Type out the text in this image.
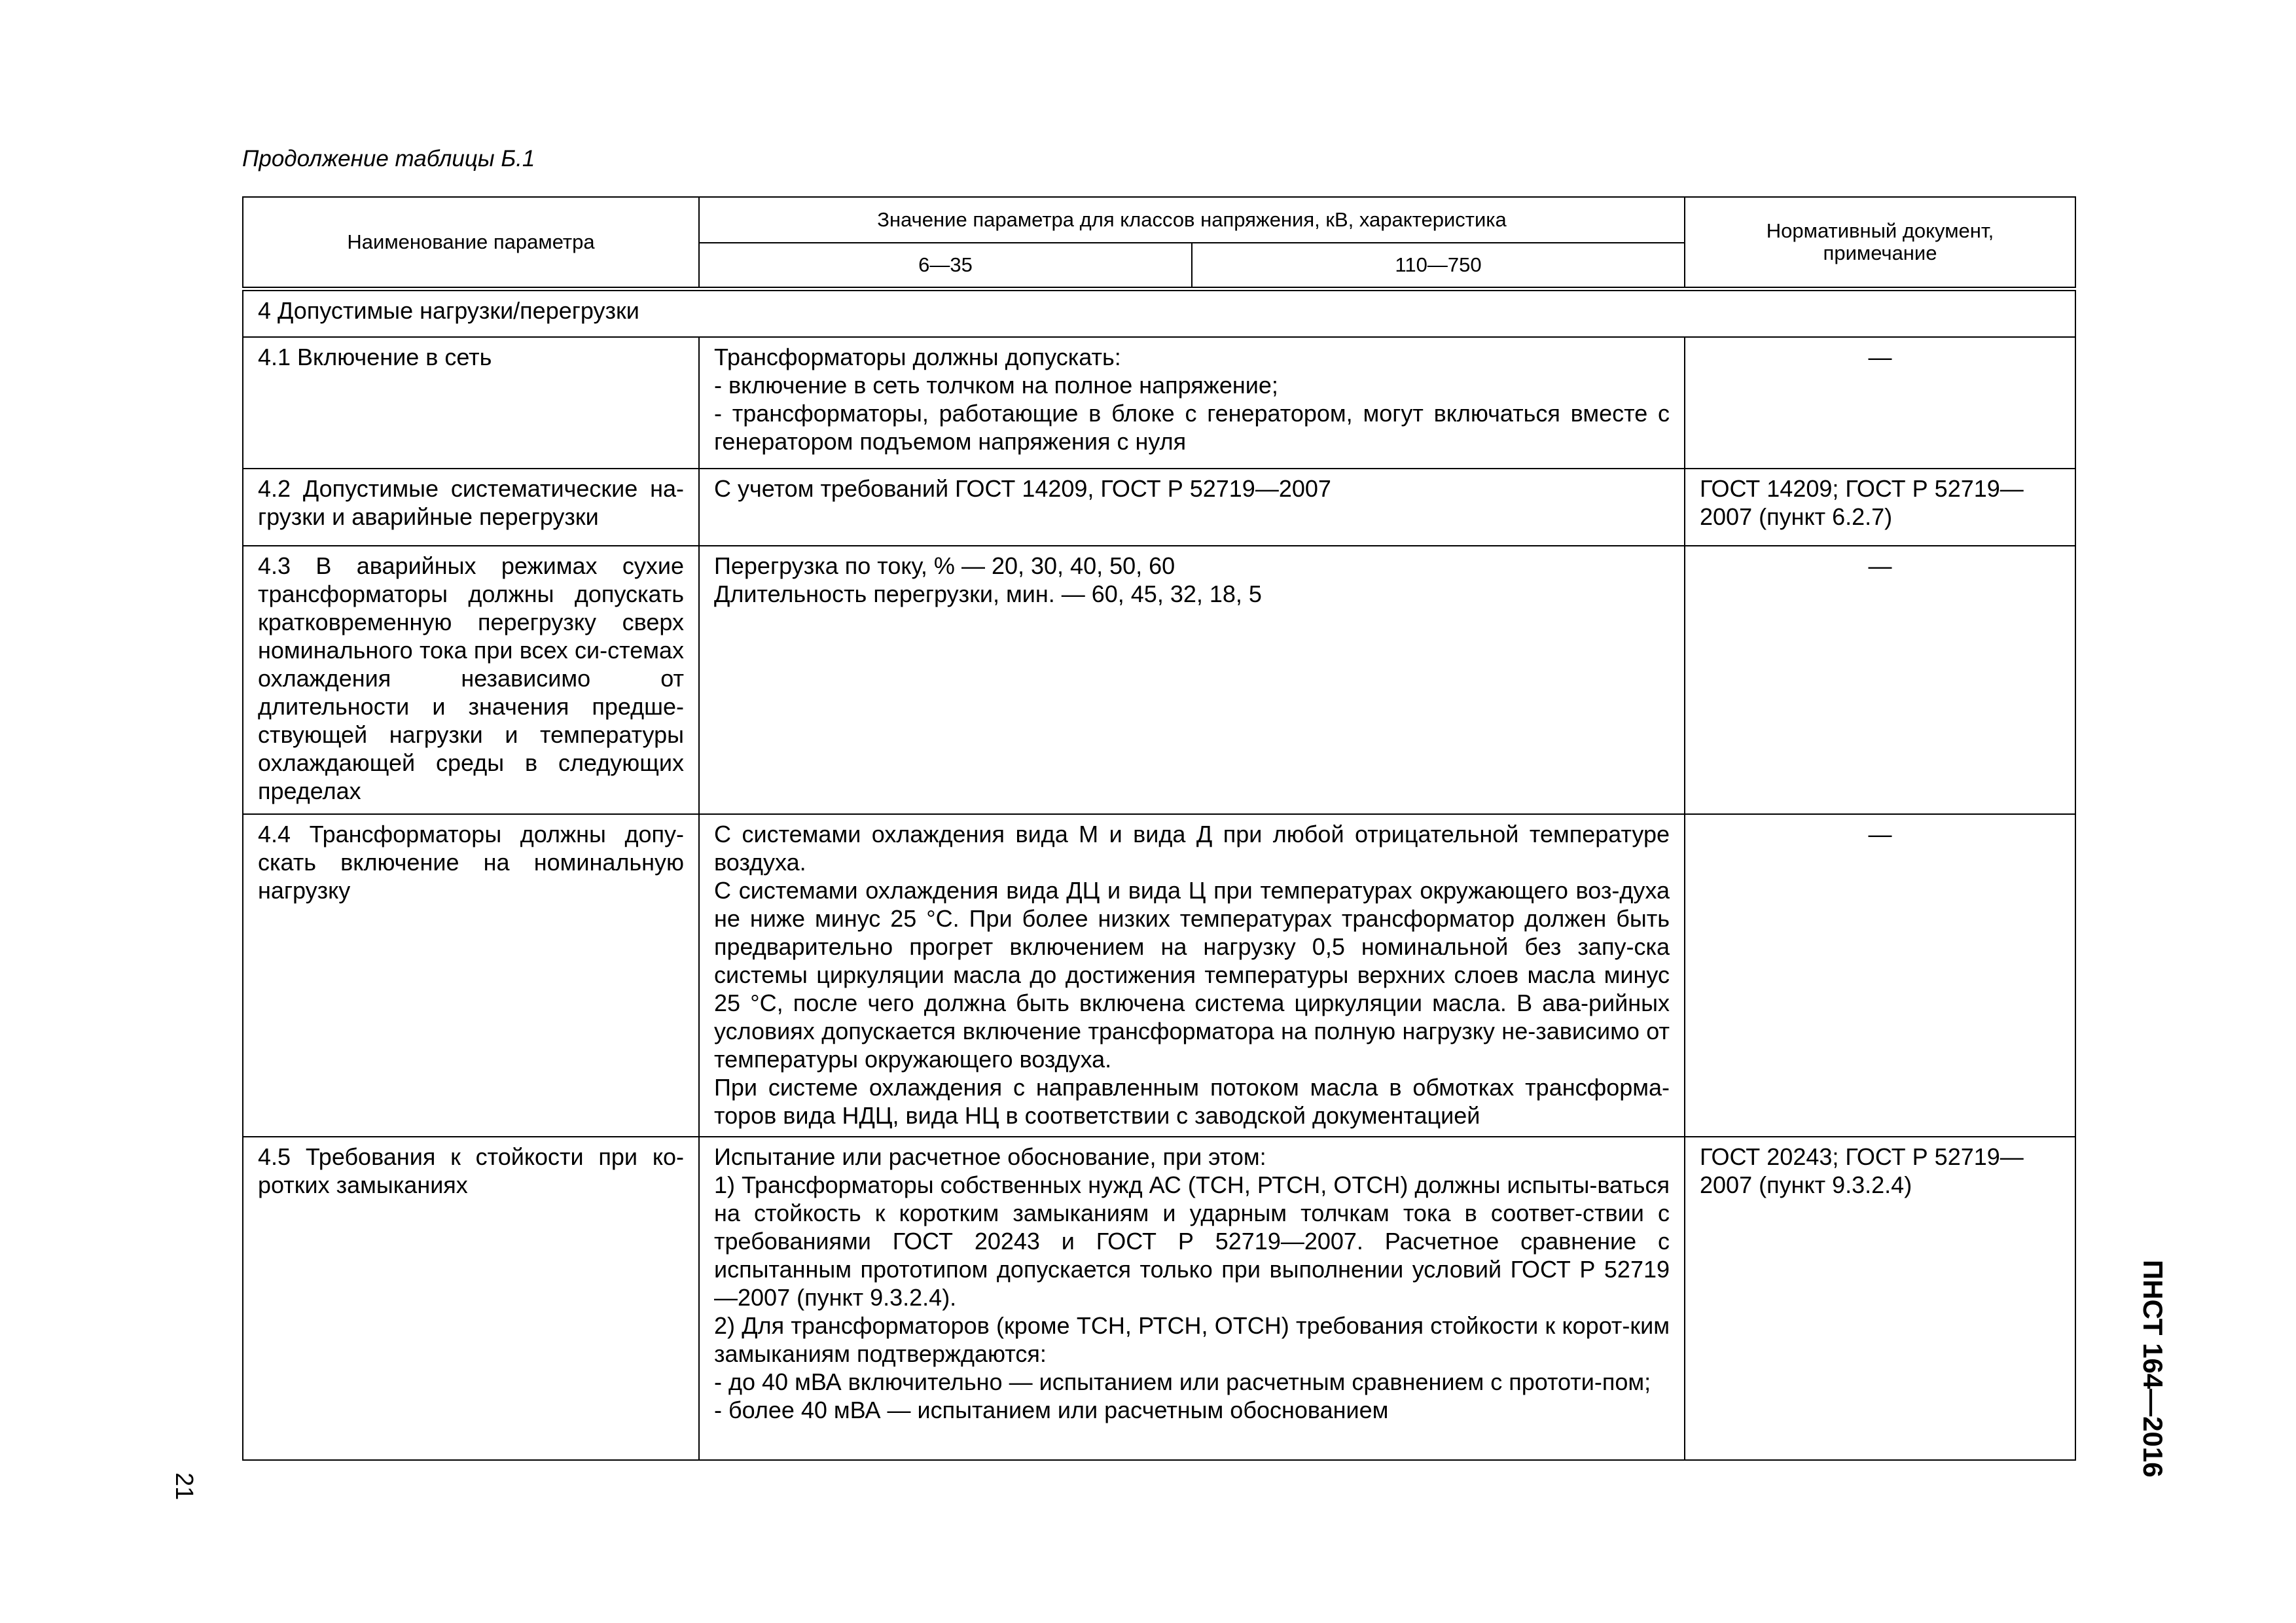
Продолжение таблицы Б.1
Наименование параметра	Значение параметра для классов напряжения, кВ, характеристика		Нормативный документ,
примечание

	6—35	110—750	
4 Допустимые нагрузки/перегрузки			
4.1 Включение в сеть	Трансформаторы должны допускать:
- включение в сеть толчком на полное напряжение;
- трансформаторы, работающие в блоке с генератором, могут включаться вместе с генератором подъемом напряжения с нуля		—
4.2 Допустимые систематические на-грузки и аварийные перегрузки	С учетом требований ГОСТ 14209, ГОСТ Р 52719—2007		ГОСТ 14209; ГОСТ Р 52719—2007 (пункт 6.2.7)
4.3 В аварийных режимах сухие трансформаторы должны допускать кратковременную перегрузку сверх номинального тока при всех си-стемах охлаждения независимо от длительности и значения предше-ствующей нагрузки и температуры охлаждающей среды в следующих пределах	Перегрузка по току, % — 20, 30, 40, 50, 60
Длительность перегрузки, мин. — 60, 45, 32, 18, 5		—
4.4 Трансформаторы должны допу-скать включение на номинальную нагрузку	С системами охлаждения вида М и вида Д при любой отрицательной температуре воздуха.
С системами охлаждения вида ДЦ и вида Ц при температурах окружающего воз-духа не ниже минус 25 °С. При более низких температурах трансформатор должен быть предварительно прогрет включением на нагрузку 0,5 номинальной без запу-ска системы циркуляции масла до достижения температуры верхних слоев масла минус 25 °С, после чего должна быть включена система циркуляции масла. В ава-рийных условиях допускается включение трансформатора на полную нагрузку не-зависимо от температуры окружающего воздуха.
При системе охлаждения с направленным потоком масла в обмотках трансформа-торов вида НДЦ, вида НЦ в соответствии с заводской документацией		—
4.5 Требования к стойкости при ко-ротких замыканиях	Испытание или расчетное обоснование, при этом:
1) Трансформаторы собственных нужд АС (ТСН, РТСН, ОТСН) должны испыты-ваться на стойкость к коротким замыканиям и ударным толчкам тока в соответ-ствии с требованиями ГОСТ 20243 и ГОСТ Р 52719—2007. Расчетное сравнение с испытанным прототипом допускается только при выполнении условий ГОСТ Р 52719—2007 (пункт 9.3.2.4).
2) Для трансформаторов (кроме ТСН, РТСН, ОТСН) требования стойкости к корот-ким замыканиям подтверждаются:
- до 40 мВА включительно — испытанием или расчетным сравнением с прототи-пом;
- более 40 мВА — испытанием или расчетным обоснованием		ГОСТ 20243; ГОСТ Р 52719—2007 (пункт 9.3.2.4)
21
ПНСТ 164—2016
